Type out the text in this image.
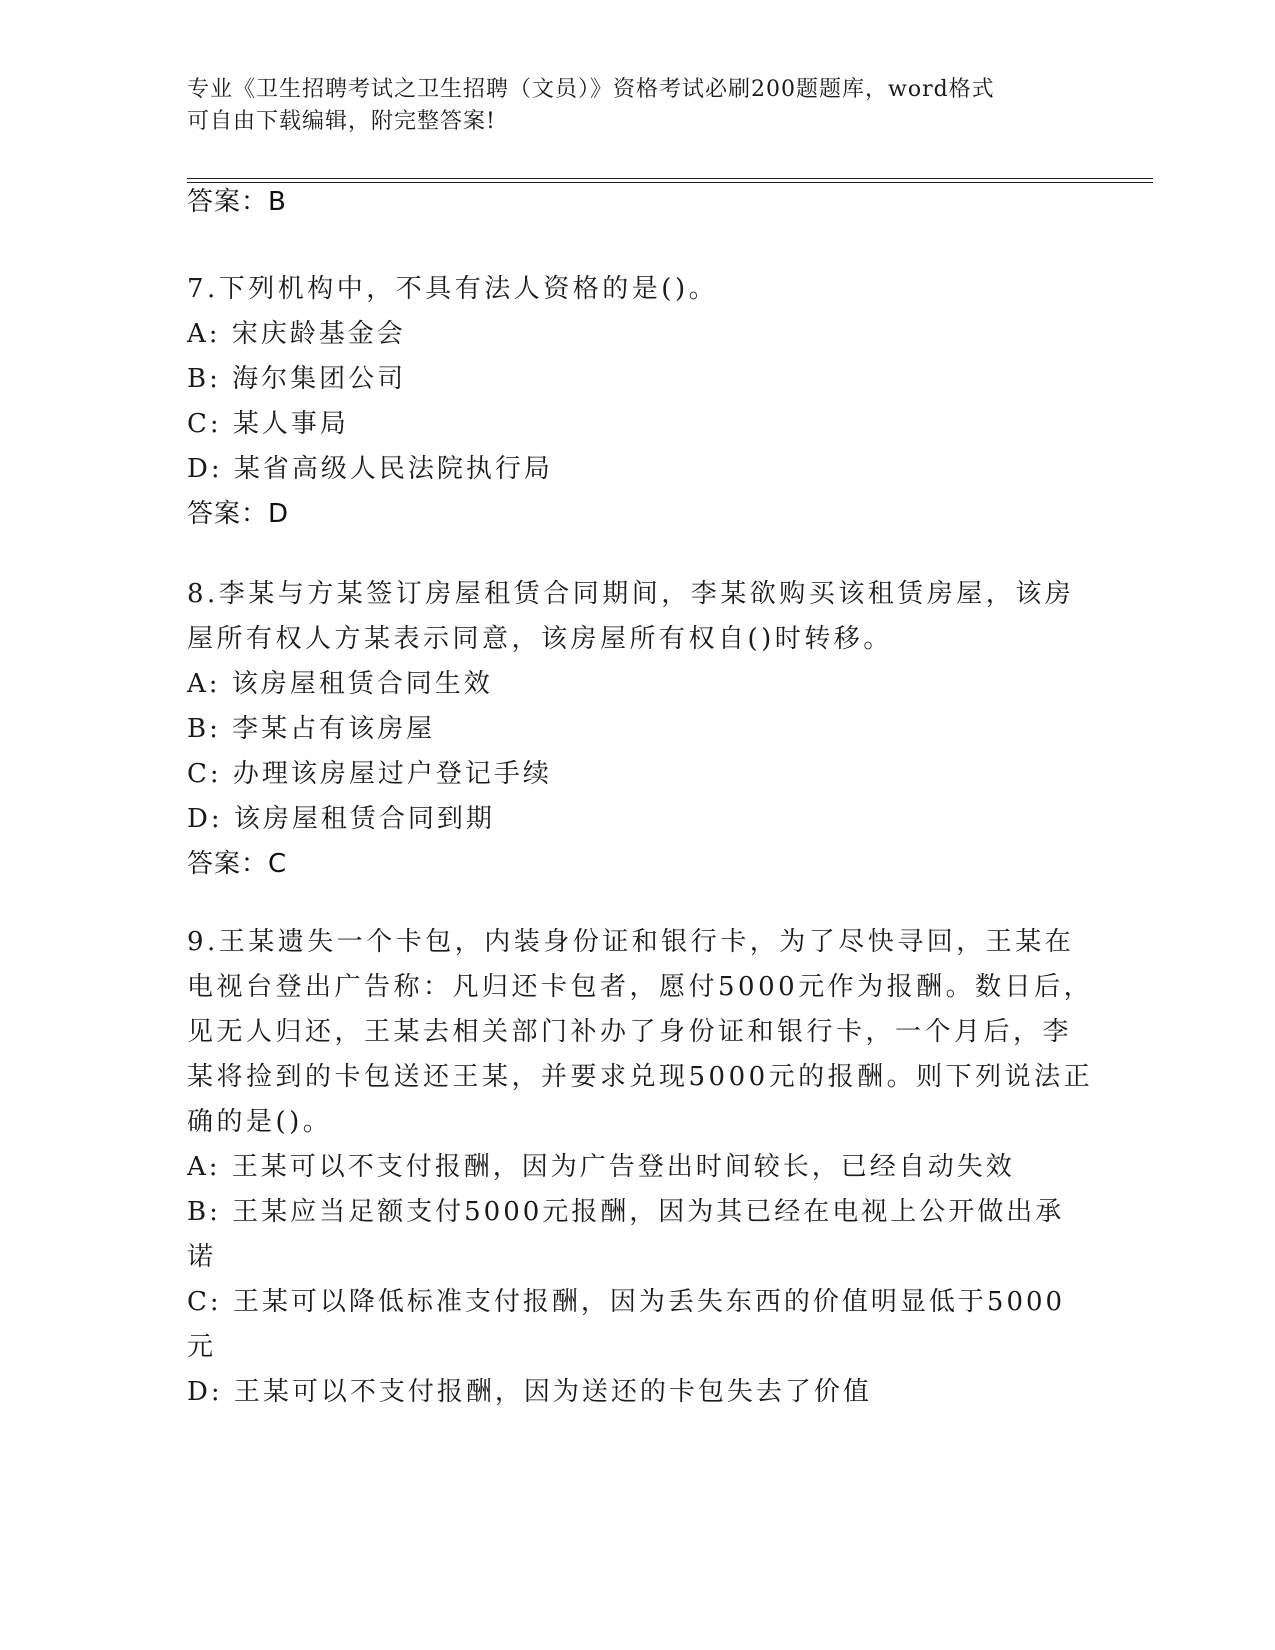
专业《卫生招聘考试之卫生招聘（文员）》资格考试必刷200题题库，word格式
可自由下载编辑，附完整答案!
答案：B
7.下列机构中，不具有法人资格的是()。
A: 宋庆龄基金会
B: 海尔集团公司
C: 某人事局
D: 某省高级人民法院执行局
答案：D
8.李某与方某签订房屋租赁合同期间，李某欲购买该租赁房屋，该房
屋所有权人方某表示同意，该房屋所有权自()时转移。
A: 该房屋租赁合同生效
B: 李某占有该房屋
C: 办理该房屋过户登记手续
D: 该房屋租赁合同到期
答案：C
9.王某遗失一个卡包，内装身份证和银行卡，为了尽快寻回，王某在
电视台登出广告称：凡归还卡包者，愿付5000元作为报酬。数日后，
见无人归还，王某去相关部门补办了身份证和银行卡，一个月后，李
某将捡到的卡包送还王某，并要求兑现5000元的报酬。则下列说法正
确的是()。
A: 王某可以不支付报酬，因为广告登出时间较长，已经自动失效
B: 王某应当足额支付5000元报酬，因为其已经在电视上公开做出承
诺
C: 王某可以降低标准支付报酬，因为丢失东西的价值明显低于5000
元
D: 王某可以不支付报酬，因为送还的卡包失去了价值
